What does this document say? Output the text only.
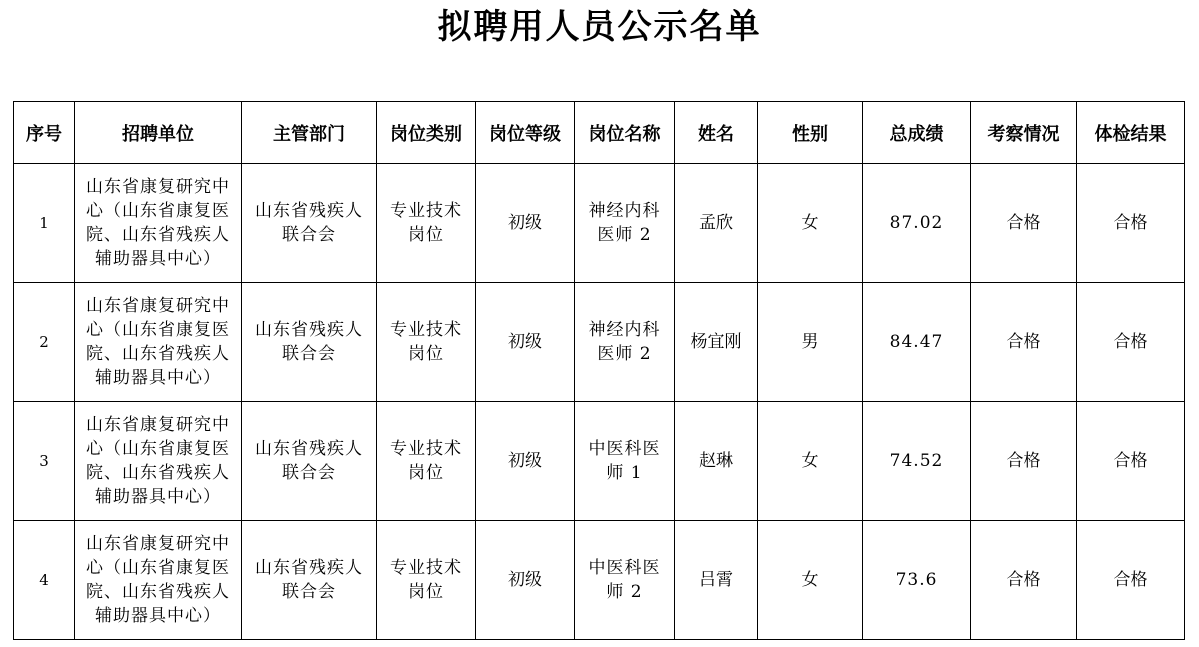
拟聘用人员公示名单
序号	招聘单位	主管部门	岗位类别	岗位等级	岗位名称	姓名	性别	总成绩	考察情况	体检结果
1	山东省康复研究中心（山东省康复医院、山东省残疾人辅助器具中心）	山东省残疾人联合会	专业技术岗位	初级	神经内科医师 2	孟欣	女	87.02	合格	合格
2	山东省康复研究中心（山东省康复医院、山东省残疾人辅助器具中心）	山东省残疾人联合会	专业技术岗位	初级	神经内科医师 2	杨宜刚	男	84.47	合格	合格
3	山东省康复研究中心（山东省康复医院、山东省残疾人辅助器具中心）	山东省残疾人联合会	专业技术岗位	初级	中医科医师 1	赵琳	女	74.52	合格	合格
4	山东省康复研究中心（山东省康复医院、山东省残疾人辅助器具中心）	山东省残疾人联合会	专业技术岗位	初级	中医科医师 2	吕霄	女	73.6	合格	合格
